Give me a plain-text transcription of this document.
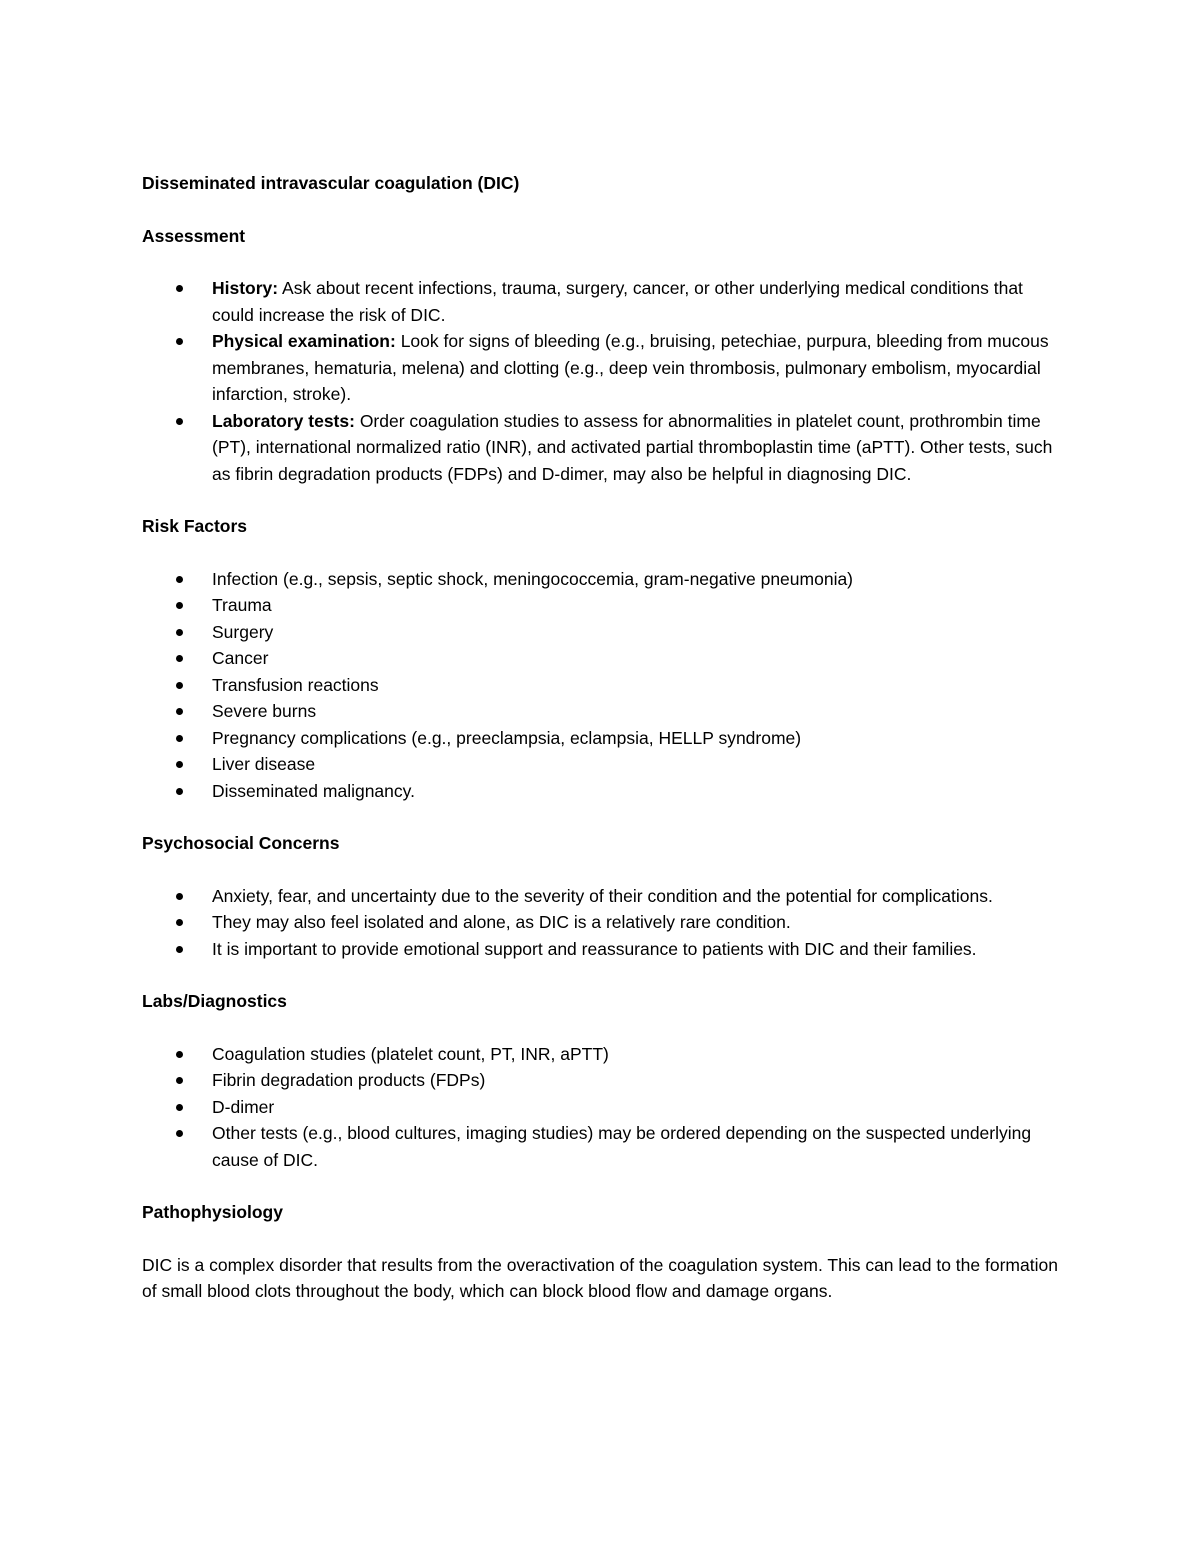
Disseminated intravascular coagulation (DIC)

Assessment

History: Ask about recent infections, trauma, surgery, cancer, or other underlying medical conditions that could increase the risk of DIC.
Physical examination: Look for signs of bleeding (e.g., bruising, petechiae, purpura, bleeding from mucous membranes, hematuria, melena) and clotting (e.g., deep vein thrombosis, pulmonary embolism, myocardial infarction, stroke).
Laboratory tests: Order coagulation studies to assess for abnormalities in platelet count, prothrombin time (PT), international normalized ratio (INR), and activated partial thromboplastin time (aPTT). Other tests, such as fibrin degradation products (FDPs) and D-dimer, may also be helpful in diagnosing DIC.

Risk Factors

Infection (e.g., sepsis, septic shock, meningococcemia, gram-negative pneumonia)
Trauma
Surgery
Cancer
Transfusion reactions
Severe burns
Pregnancy complications (e.g., preeclampsia, eclampsia, HELLP syndrome)
Liver disease
Disseminated malignancy.

Psychosocial Concerns

Anxiety, fear, and uncertainty due to the severity of their condition and the potential for complications.
They may also feel isolated and alone, as DIC is a relatively rare condition.
It is important to provide emotional support and reassurance to patients with DIC and their families.

Labs/Diagnostics

Coagulation studies (platelet count, PT, INR, aPTT)
Fibrin degradation products (FDPs)
D-dimer
Other tests (e.g., blood cultures, imaging studies) may be ordered depending on the suspected underlying cause of DIC.

Pathophysiology

DIC is a complex disorder that results from the overactivation of the coagulation system. This can lead to the formation of small blood clots throughout the body, which can block blood flow and damage organs.
